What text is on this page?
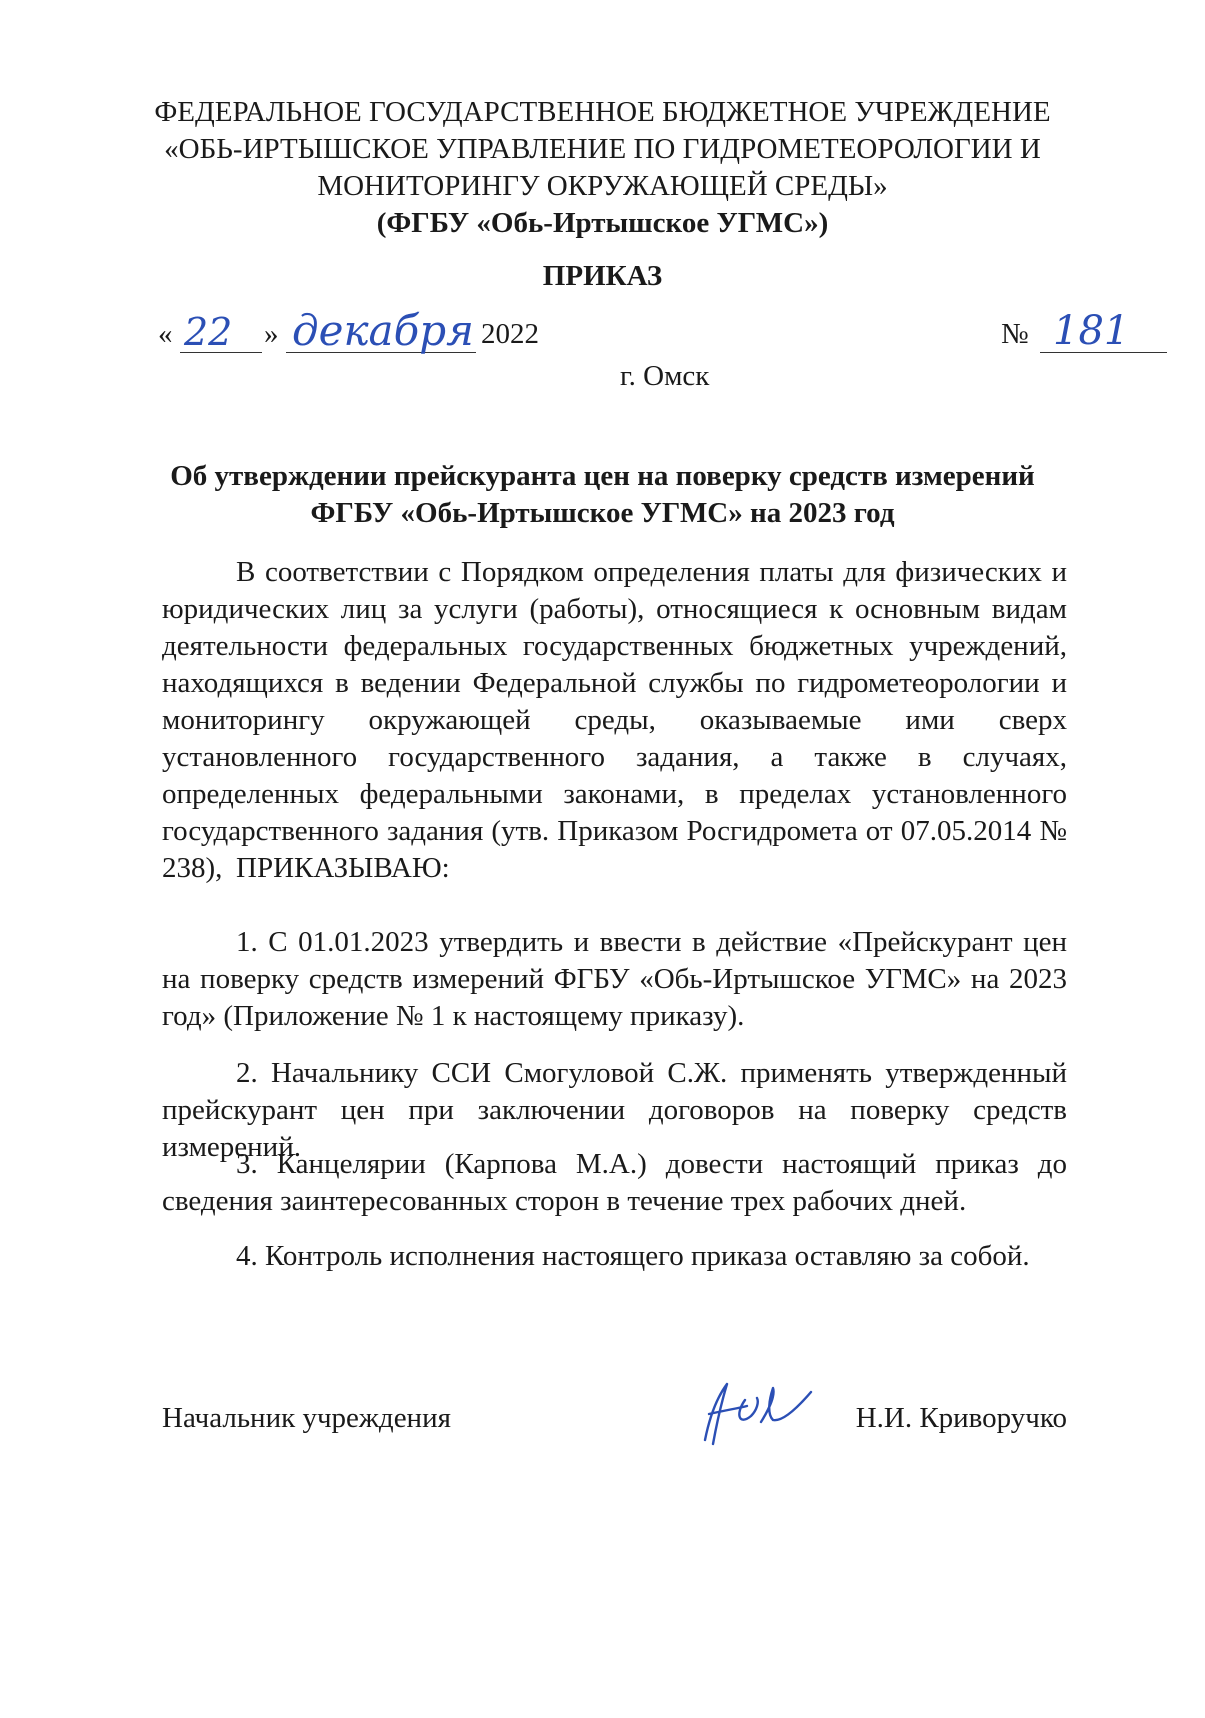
ФЕДЕРАЛЬНОЕ ГОСУДАРСТВЕННОЕ БЮДЖЕТНОЕ УЧРЕЖДЕНИЕ
«ОБЬ-ИРТЫШСКОЕ УПРАВЛЕНИЕ ПО ГИДРОМЕТЕОРОЛОГИИ И
МОНИТОРИНГУ ОКРУЖАЮЩЕЙ СРЕДЫ»
(ФГБУ «Обь-Иртышское УГМС»)
ПРИКАЗ
« 22 » декабря 2022	№ 181
г. Омск
Об утверждении прейскуранта цен на поверку средств измерений
ФГБУ «Обь-Иртышское УГМС» на 2023 год

В соответствии с Порядком определения платы для физических и юридических лиц за услуги (работы), относящиеся к основным видам деятельности федеральных государственных бюджетных учреждений, находящихся в ведении Федеральной службы по гидрометеорологии и мониторингу окружающей среды, оказываемые ими сверх установленного государственного задания, а также в случаях, определенных федеральными законами, в пределах установленного государственного задания (утв. Приказом Росгидромета от 07.05.2014 № 238), ПРИКАЗЫВАЮ:

1. С 01.01.2023 утвердить и ввести в действие «Прейскурант цен на поверку средств измерений ФГБУ «Обь-Иртышское УГМС» на 2023 год» (Приложение № 1 к настоящему приказу).

2. Начальнику ССИ Смогуловой С.Ж. применять утвержденный прейскурант цен при заключении договоров на поверку средств измерений.

3. Канцелярии (Карпова М.А.) довести настоящий приказ до сведения заинтересованных сторон в течение трех рабочих дней.

4. Контроль исполнения настоящего приказа оставляю за собой.

Начальник учреждения	Н.И. Криворучко
